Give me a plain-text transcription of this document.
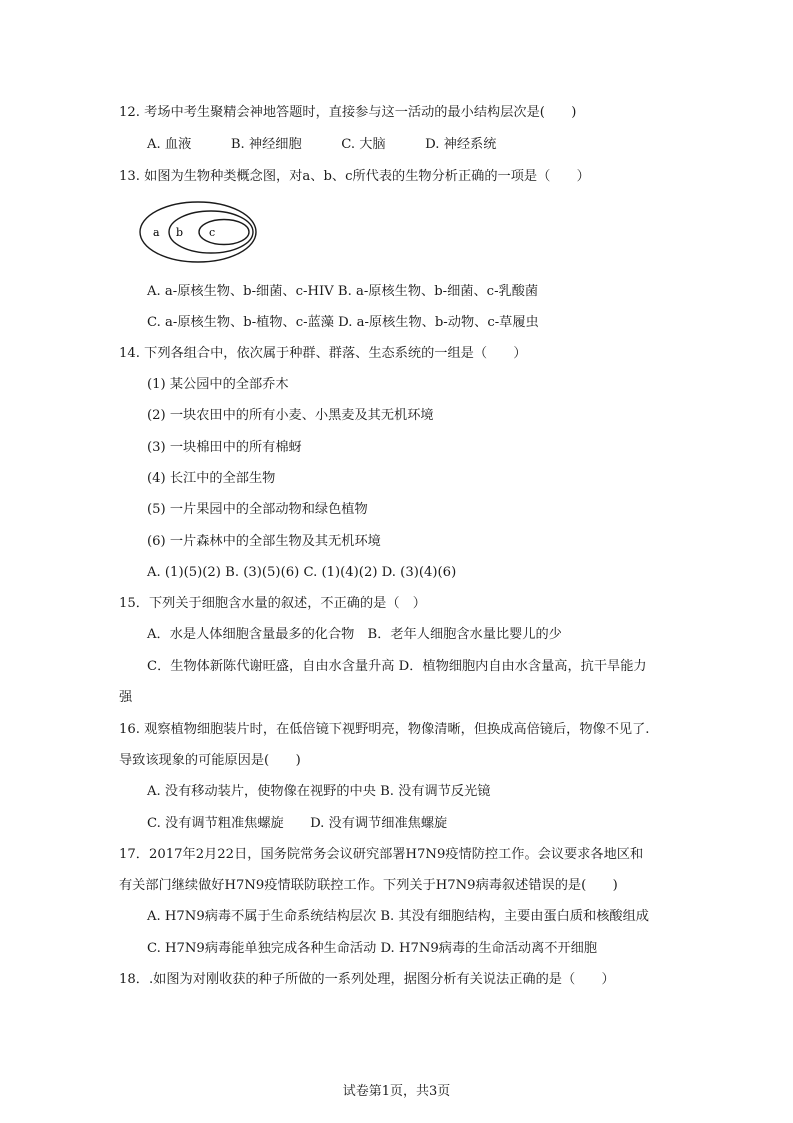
12. 考场中考生聚精会神地答题时，直接参与这一活动的最小结构层次是(　　)
A. 血液　　　B. 神经细胞　　　C. 大脑　　　D. 神经系统
13. 如图为生物种类概念图，对a、b、c所代表的生物分析正确的一项是（　　）
a b c
A. a-原核生物、b-细菌、c-HIV B. a-原核生物、b-细菌、c-乳酸菌
C. a-原核生物、b-植物、c-蓝藻 D. a-原核生物、b-动物、c-草履虫
14. 下列各组合中，依次属于种群、群落、生态系统的一组是（　　）
(1) 某公园中的全部乔木
(2) 一块农田中的所有小麦、小黑麦及其无机环境
(3) 一块棉田中的所有棉蚜
(4) 长江中的全部生物
(5) 一片果园中的全部动物和绿色植物
(6) 一片森林中的全部生物及其无机环境
A. (1)(5)(2) B. (3)(5)(6) C. (1)(4)(2) D. (3)(4)(6)
15．下列关于细胞含水量的叙述，不正确的是（　）
A．水是人体细胞含量最多的化合物　B．老年人细胞含水量比婴儿的少
C．生物体新陈代谢旺盛，自由水含量升高 D．植物细胞内自由水含量高，抗干旱能力
强
16. 观察植物细胞装片时，在低倍镜下视野明亮，物像清晰，但换成高倍镜后，物像不见了.
导致该现象的可能原因是(　　)
A. 没有移动装片，使物像在视野的中央 B. 没有调节反光镜
C. 没有调节粗准焦螺旋　　D. 没有调节细准焦螺旋
17．2017年2月22日，国务院常务会议研究部署H7N9疫情防控工作。会议要求各地区和
有关部门继续做好H7N9疫情联防联控工作。下列关于H7N9病毒叙述错误的是(　　)
A. H7N9病毒不属于生命系统结构层次 B. 其没有细胞结构，主要由蛋白质和核酸组成
C. H7N9病毒能单独完成各种生命活动 D. H7N9病毒的生命活动离不开细胞
18．.如图为对刚收获的种子所做的一系列处理，据图分析有关说法正确的是（　　）
试卷第1页，共3页
